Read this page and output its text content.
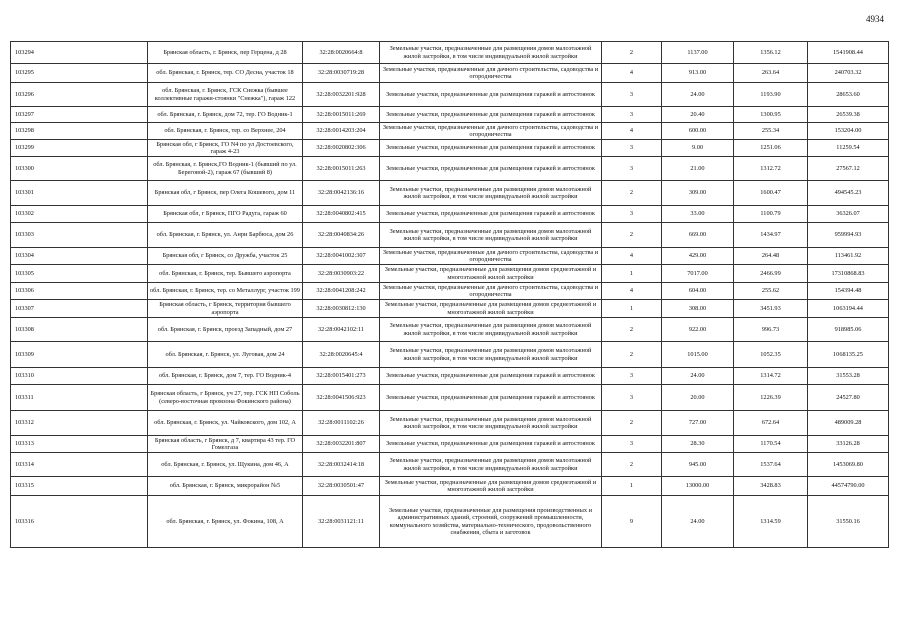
4934
103294	Брянская область, г. Брянск, пер Герцена, д 28	32:28:0020664:8	Земельные участки, предназначенные для размещения домов малоэтажной жилой застройки, в том числе индивидуальной жилой застройки	2	1137.00	1356.12	1541908.44
103295	обл. Брянская, г. Брянск, тер. СО Десна, участок 18	32:28:0030719:28	Земельные участки, предназначенные для дачного строительства, садоводства и огородничества	4	913.00	263.64	240703.32
103296	обл. Брянская, г. Брянск, ГСК Снежка (бывшее коллективные гаражи-стоянки "Снежка"), гараж 122	32:28:0032201:928	Земельные участки, предназначенные для размещения гаражей и автостоянок	3	24.00	1193.90	28653.60
103297	обл. Брянская, г. Брянск, дом 72, тер. ГО Водник-1	32:28:0015011:269	Земельные участки, предназначенные для размещения гаражей и автостоянок	3	20.40	1300.95	26539.38
103298	обл. Брянская, г. Брянск, тер. со Верхнее, 204	32:28:0014203:204	Земельные участки, предназначенные для дачного строительства, садоводства и огородничества	4	600.00	255.34	153204.00
103299	Брянская обл, г Брянск, ГО N4 по ул Достоевского, гараж 4-23	32:28:0020802:306	Земельные участки, предназначенные для размещения гаражей и автостоянок	3	9.00	1251.06	11259.54
103300	обл. Брянская, г. Брянск,ГО Водник-1 (бывший по ул. Береговой-2), гараж 67 (бывший 8)	32:28:0015011:263	Земельные участки, предназначенные для размещения гаражей и автостоянок	3	21.00	1312.72	27567.12
103301	Брянская обл, г Брянск, пер Олега Кошевого, дом 11	32:28:0042136:16	Земельные участки, предназначенные для размещения домов малоэтажной жилой застройки, в том числе индивидуальной жилой застройки	2	309.00	1600.47	494545.23
103302	Брянская обл, г Брянск, ПГО Радуга, гараж 60	32:28:0040802:415	Земельные участки, предназначенные для размещения гаражей и автостоянок	3	33.00	1100.79	36326.07
103303	обл. Брянская, г. Брянск, ул. Анри Барбюса, дом 26	32:28:0040834:26	Земельные участки, предназначенные для размещения домов малоэтажной жилой застройки, в том числе индивидуальной жилой застройки	2	669.00	1434.97	959994.93
103304	Брянская обл, г Брянск, со Дружба, участок 25	32:28:0041002:307	Земельные участки, предназначенные для дачного строительства, садоводства и огородничества	4	429.00	264.48	113461.92
103305	обл. Брянская, г. Брянск, тер. Бывшего аэропорта	32:28:0030903:22	Земельные участки, предназначенные для размещения домов среднеэтажной и многоэтажной жилой застройки	1	7017.00	2466.99	17310868.83
103306	обл. Брянская, г. Брянск, тер. со Металлург, участок 199	32:28:0041208:242	Земельные участки, предназначенные для дачного строительства, садоводства и огородничества	4	604.00	255.62	154394.48
103307	Брянская область, г Брянск, территория бывшего аэропорта	32:28:0030812:130	Земельные участки, предназначенные для размещения домов среднеэтажной и многоэтажной жилой застройки	1	308.00	3451.93	1063194.44
103308	обл. Брянская, г. Брянск, проезд Западный, дом 27	32:28:0042102:11	Земельные участки, предназначенные для размещения домов малоэтажной жилой застройки, в том числе индивидуальной жилой застройки	2	922.00	996.73	918985.06
103309	обл. Брянская, г. Брянск, ул. Луговая, дом 24	32:28:0020645:4	Земельные участки, предназначенные для размещения домов малоэтажной жилой застройки, в том числе индивидуальной жилой застройки	2	1015.00	1052.35	1068135.25
103310	обл. Брянская, г. Брянск, дом 7, тер. ГО Водник-4	32:28:0015401:273	Земельные участки, предназначенные для размещения гаражей и автостоянок	3	24.00	1314.72	31553.28
103311	Брянская область, г Брянск, уч 27, тер. ГСК НП Соболь (северо-восточная промзона Фокинского района)	32:28:0041506:923	Земельные участки, предназначенные для размещения гаражей и автостоянок	3	20.00	1226.39	24527.80
103312	обл. Брянская, г. Брянск, ул. Чайковского, дом 102, А	32:28:0011102:26	Земельные участки, предназначенные для размещения домов малоэтажной жилой застройки, в том числе индивидуальной жилой застройки	2	727.00	672.64	489009.28
103313	Брянская область, г Брянск, д 7, квартира 43 тер. ГО Гомелгаза	32:28:0032201:807	Земельные участки, предназначенные для размещения гаражей и автостоянок	3	28.30	1170.54	33126.28
103314	обл. Брянская, г. Брянск, ул. Щукина, дом 46, А	32:28:0032414:18	Земельные участки, предназначенные для размещения домов малоэтажной жилой застройки, в том числе индивидуальной жилой застройки	2	945.00	1537.64	1453069.80
103315	обл. Брянская, г. Брянск, микрорайон №5	32:28:0030501:47	Земельные участки, предназначенные для размещения домов среднеэтажной и многоэтажной жилой застройки	1	13000.00	3428.83	44574790.00
103316	обл. Брянская, г. Брянск, ул. Фокина, 108, А	32:28:0031121:11	Земельные участки, предназначенные для размещения производственных и административных зданий, строений, сооружений промышленности, коммунального хозяйства, материально-технического, продовольственного снабжения, сбыта и заготовок	9	24.00	1314.59	31550.16
